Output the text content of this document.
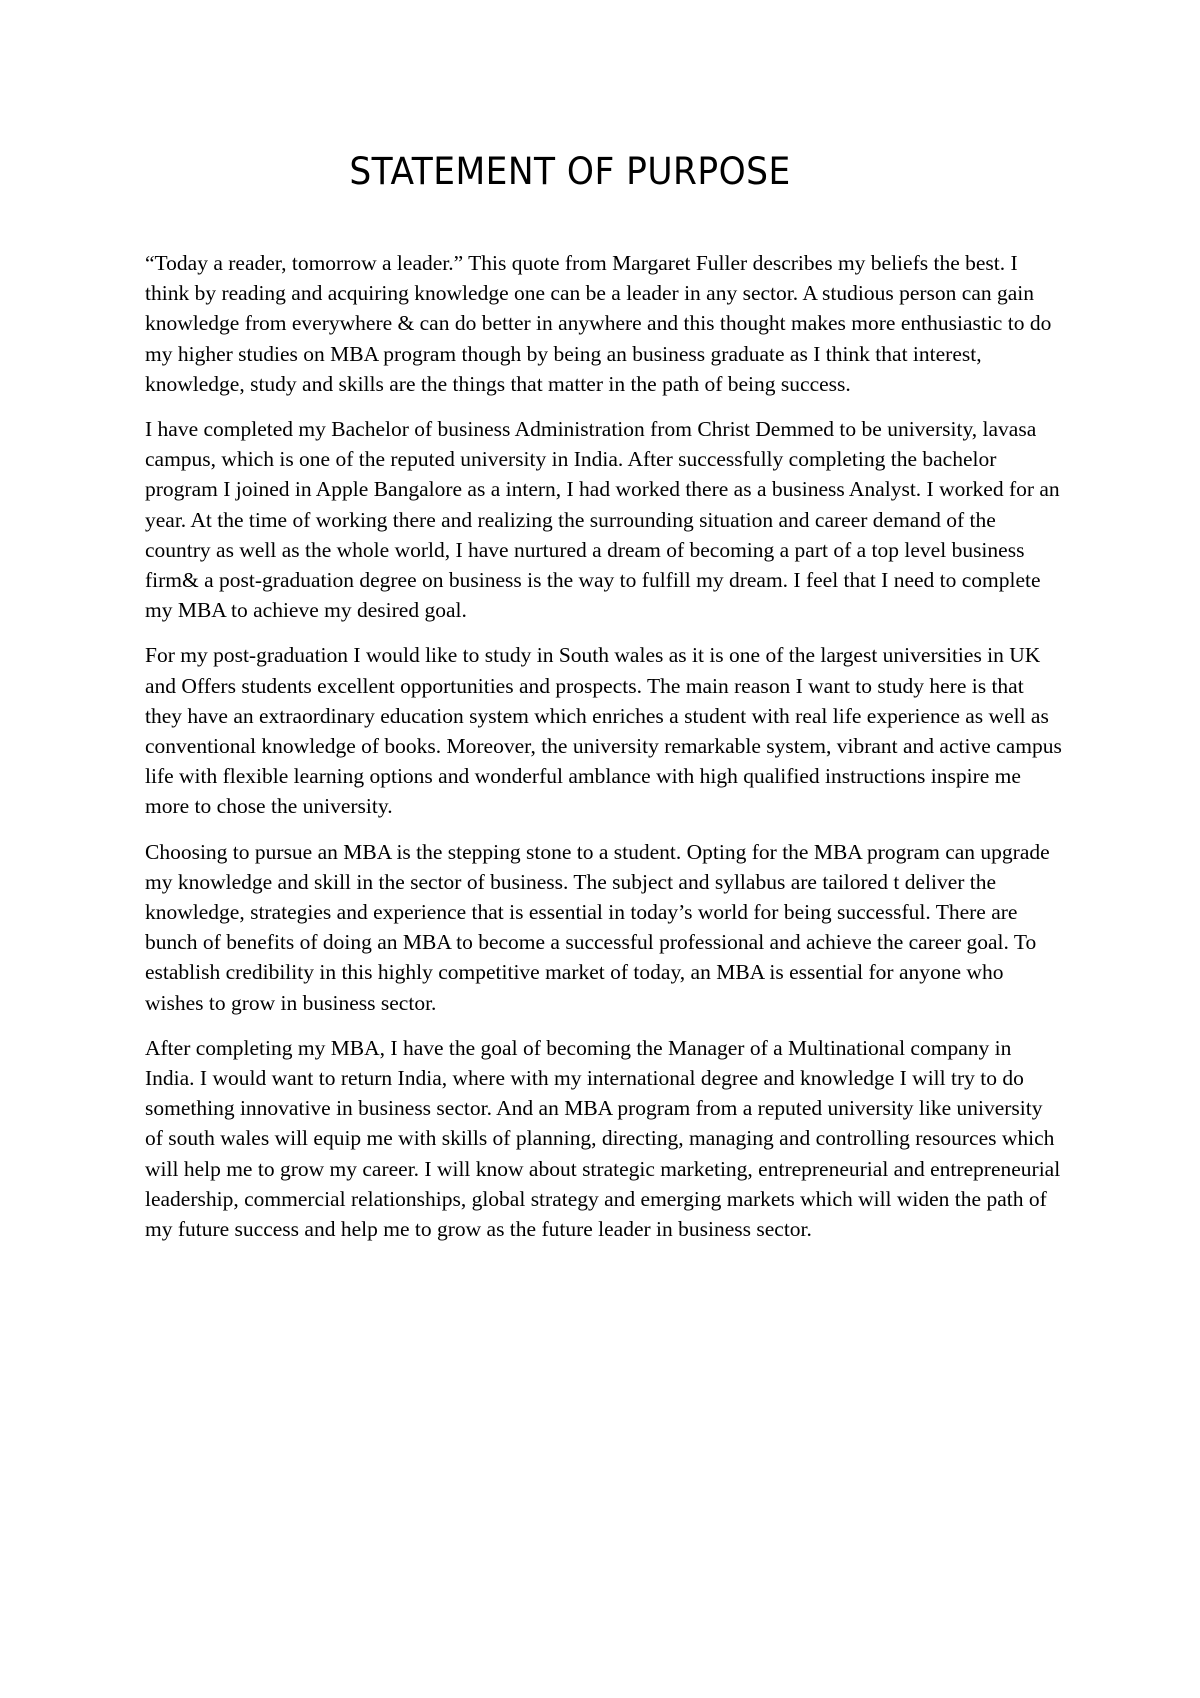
STATEMENT OF PURPOSE

“Today a reader, tomorrow a leader.” This quote from Margaret Fuller describes my beliefs the best. I think by reading and acquiring knowledge one can be a leader in any sector. A studious person can gain knowledge from everywhere & can do better in anywhere and this thought makes more enthusiastic to do my higher studies on MBA program though by being an business graduate as I think that interest, knowledge, study and skills are the things that matter in the path of being success.

I have completed my Bachelor of business Administration from Christ Demmed to be university, lavasa campus, which is one of the reputed university in India. After successfully completing the bachelor program I joined in Apple Bangalore as a intern, I had worked there as a business Analyst. I worked for an year. At the time of working there and realizing the surrounding situation and career demand of the country as well as the whole world, I have nurtured a dream of becoming a part of a top level business firm& a post-graduation degree on business is the way to fulfill my dream. I feel that I need to complete my MBA to achieve my desired goal.

For my post-graduation I would like to study in South wales as it is one of the largest universities in UK and Offers students excellent opportunities and prospects. The main reason I want to study here is that they have an extraordinary education system which enriches a student with real life experience as well as conventional knowledge of books. Moreover, the university remarkable system, vibrant and active campus life with flexible learning options and wonderful amblance with high qualified instructions inspire me more to chose the university.

Choosing to pursue an MBA is the stepping stone to a student. Opting for the MBA program can upgrade my knowledge and skill in the sector of business. The subject and syllabus are tailored t deliver the knowledge, strategies and experience that is essential in today’s world for being successful. There are bunch of benefits of doing an MBA to become a successful professional and achieve the career goal. To establish credibility in this highly competitive market of today, an MBA is essential for anyone who wishes to grow in business sector.

After completing my MBA, I have the goal of becoming the Manager of a Multinational company in India. I would want to return India, where with my international degree and knowledge I will try to do something innovative in business sector. And an MBA program from a reputed university like university of south wales will equip me with skills of planning, directing, managing and controlling resources which will help me to grow my career. I will know about strategic marketing, entrepreneurial and entrepreneurial leadership, commercial relationships, global strategy and emerging markets which will widen the path of my future success and help me to grow as the future leader in business sector.
